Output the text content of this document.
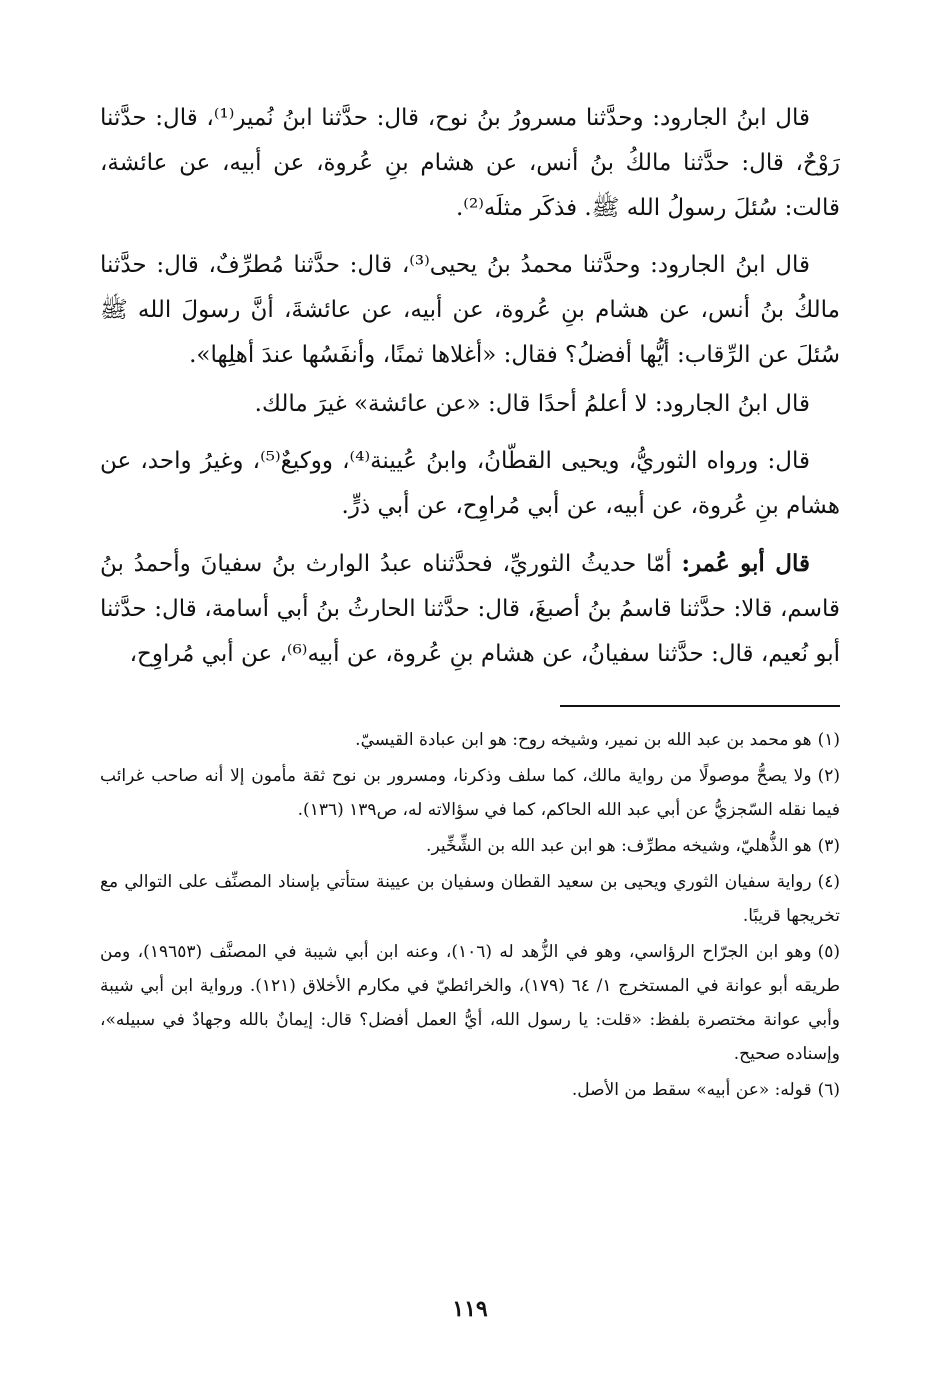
قال ابنُ الجارود: وحدَّثنا مسرورُ بنُ نوح، قال: حدَّثنا ابنُ نُمير⁽¹⁾، قال: حدَّثنا رَوْحٌ، قال: حدَّثنا مالكُ بنُ أنس، عن هشام بنِ عُروة، عن أبيه، عن عائشة، قالت: سُئلَ رسولُ الله ﷺ. فذكَر مثلَه⁽²⁾.

قال ابنُ الجارود: وحدَّثنا محمدُ بنُ يحيى⁽³⁾، قال: حدَّثنا مُطرِّفٌ، قال: حدَّثنا مالكُ بنُ أنس، عن هشام بنِ عُروة، عن أبيه، عن عائشةَ، أنَّ رسولَ الله ﷺ سُئلَ عن الرِّقاب: أيُّها أفضلُ؟ فقال: «أغلاها ثمنًا، وأنفَسُها عندَ أهلِها».

قال ابنُ الجارود: لا أعلمُ أحدًا قال: «عن عائشة» غيرَ مالك.

قال: ورواه الثوريُّ، ويحيى القطّانُ، وابنُ عُيينة⁽⁴⁾، ووكيعٌ⁽⁵⁾، وغيرُ واحد، عن هشام بنِ عُروة، عن أبيه، عن أبي مُراوِح، عن أبي ذرٍّ.

قال أبو عُمر: أمّا حديثُ الثوريِّ، فحدَّثناه عبدُ الوارث بنُ سفيانَ وأحمدُ بنُ قاسم، قالا: حدَّثنا قاسمُ بنُ أصبغَ، قال: حدَّثنا الحارثُ بنُ أبي أسامة، قال: حدَّثنا أبو نُعيم، قال: حدَّثنا سفيانُ، عن هشام بنِ عُروة، عن أبيه⁽⁶⁾، عن أبي مُراوِح،

(١)هو محمد بن عبد الله بن نمير، وشيخه روح: هو ابن عبادة القيسيّ.

(٢)ولا يصحُّ موصولًا من رواية مالك، كما سلف وذكرنا، ومسرور بن نوح ثقة مأمون إلا أنه صاحب غرائب فيما نقله السّجزيُّ عن أبي عبد الله الحاكم، كما في سؤالاته له، ص١٣٩ (١٣٦).

(٣)هو الذُّهليّ، وشيخه مطرِّف: هو ابن عبد الله بن الشِّخِّير.

(٤)رواية سفيان الثوري ويحيى بن سعيد القطان وسفيان بن عيينة ستأتي بإسناد المصنِّف على التوالي مع تخريجها قريبًا.

(٥)وهو ابن الجرّاح الرؤاسي، وهو في الزُّهد له (١٠٦)، وعنه ابن أبي شيبة في المصنَّف (١٩٦٥٣)، ومن طريقه أبو عوانة في المستخرج ١/ ٦٤ (١٧٩)، والخرائطيّ في مكارم الأخلاق (١٢١). ورواية ابن أبي شيبة وأبي عوانة مختصرة بلفظ: «قلت: يا رسول الله، أيُّ العمل أفضل؟ قال: إيمانٌ بالله وجهادٌ في سبيله»، وإسناده صحيح.

(٦)قوله: «عن أبيه» سقط من الأصل.

١١٩
